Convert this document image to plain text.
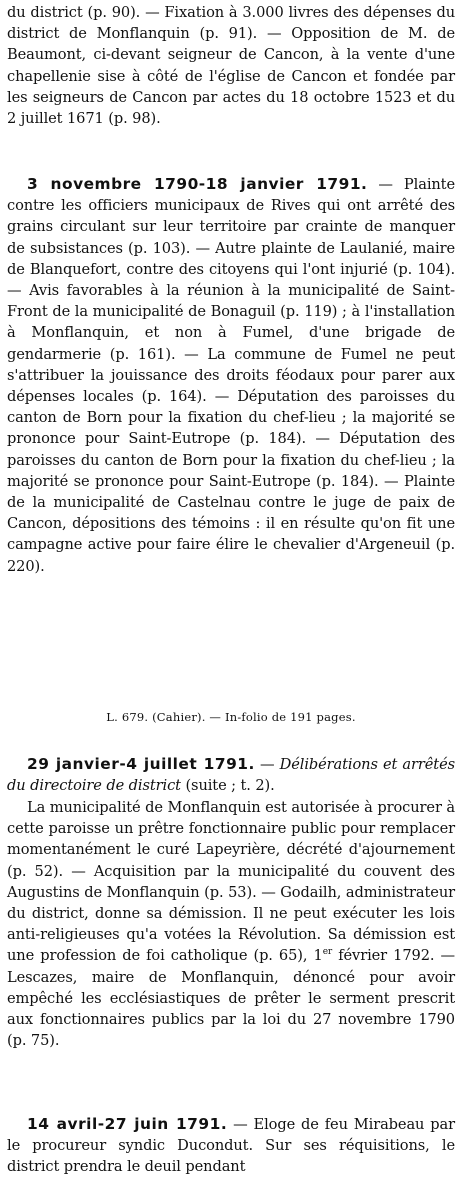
du district (p. 90). — Fixation à 3.000 livres des dépenses du district de Monflanquin (p. 91). — Opposition de M. de Beaumont, ci-devant seigneur de Cancon, à la vente d'une chapellenie sise à côté de l'église de Cancon et fondée par les seigneurs de Cancon par actes du 18 octobre 1523 et du 2 juillet 1671 (p. 98).

3 novembre 1790-18 janvier 1791. — Plainte contre les officiers municipaux de Rives qui ont arrêté des grains circulant sur leur territoire par crainte de manquer de subsistances (p. 103). — Autre plainte de Laulanié, maire de Blanquefort, contre des citoyens qui l'ont injurié (p. 104). — Avis favorables à la réunion à la municipalité de Saint-Front de la municipalité de Bonaguil (p. 119) ; à l'installation à Monflanquin, et non à Fumel, d'une brigade de gendarmerie (p. 161). — La commune de Fumel ne peut s'attribuer la jouissance des droits féodaux pour parer aux dépenses locales (p. 164). — Députation des paroisses du canton de Born pour la fixation du chef-lieu ; la majorité se prononce pour Saint-Eutrope (p. 184). — Députation des paroisses du canton de Born pour la fixation du chef-lieu ; la majorité se prononce pour Saint-Eutrope (p. 184). — Plainte de la municipalité de Castelnau contre le juge de paix de Cancon, dépositions des témoins : il en résulte qu'on fit une campagne active pour faire élire le chevalier d'Argeneuil (p. 220).

L. 679. (Cahier). — In-folio de 191 pages.

29 janvier-4 juillet 1791. — Délibérations et arrêtés du directoire de district (suite ; t. 2).

La municipalité de Monflanquin est autorisée à procurer à cette paroisse un prêtre fonctionnaire public pour remplacer momentanément le curé Lapeyrière, décrété d'ajournement (p. 52). — Acquisition par la municipalité du couvent des Augustins de Monflanquin (p. 53). — Godailh, administrateur du district, donne sa démission. Il ne peut exécuter les lois anti-religieuses qu'a votées la Révolution. Sa démission est une profession de foi catholique (p. 65), 1er février 1792. — Lescazes, maire de Monflanquin, dénoncé pour avoir empêché les ecclésiastiques de prêter le serment prescrit aux fonctionnaires publics par la loi du 27 novembre 1790 (p. 75).

14 avril-27 juin 1791. — Eloge de feu Mirabeau par le procureur syndic Ducondut. Sur ses réquisitions, le district prendra le deuil pendant
